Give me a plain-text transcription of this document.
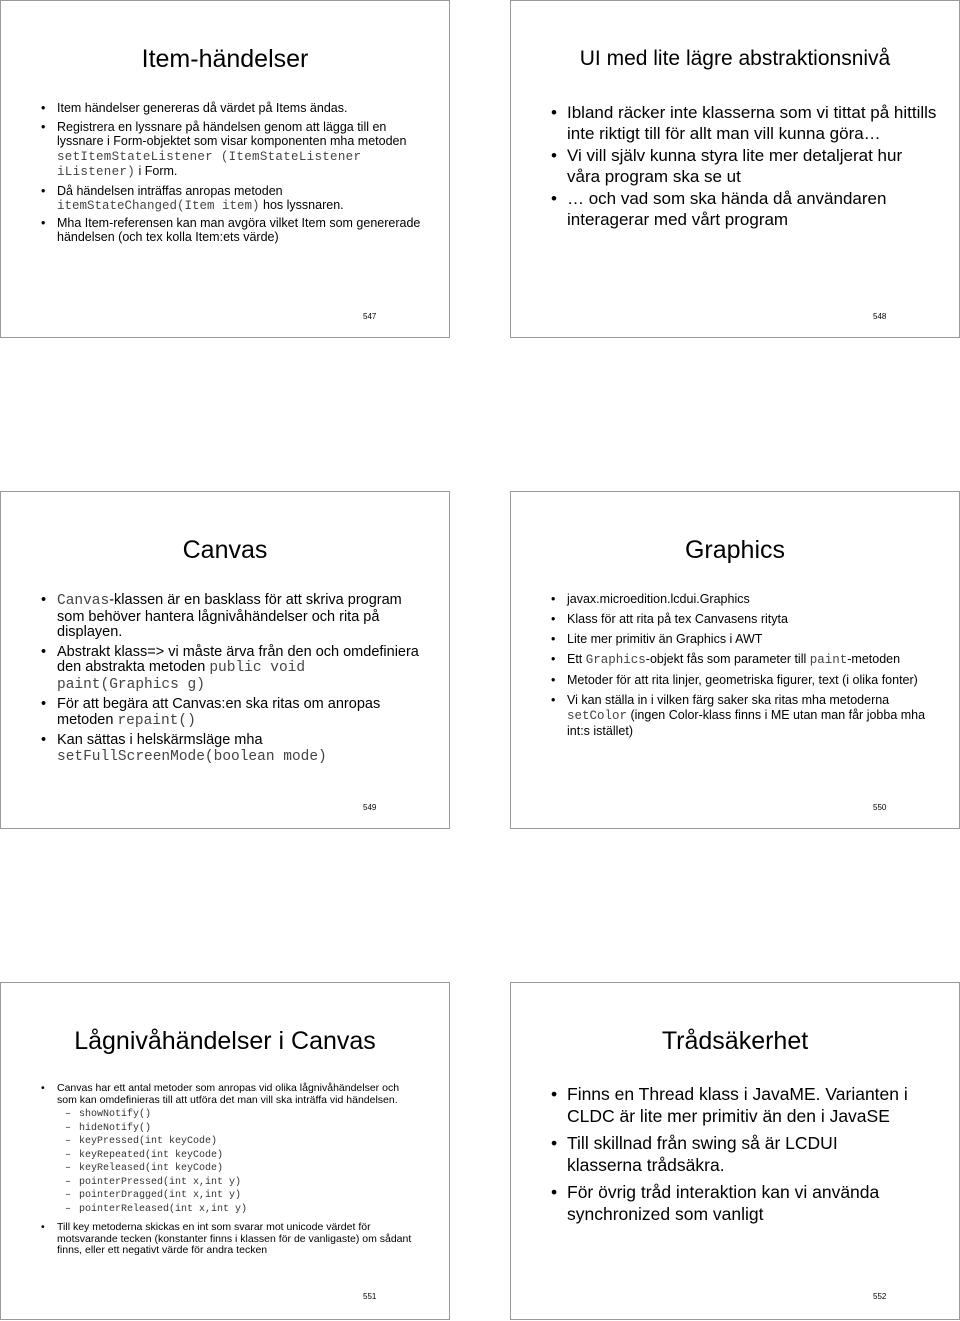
Item-händelser
• Item händelser genereras då värdet på Items ändas.
• Registrera en lyssnare på händelsen genom att lägga till en lyssnare i Form-objektet som visar komponenten mha metoden setItemStateListener (ItemStateListener iListener) i Form.
• Då händelsen inträffas anropas metoden itemStateChanged(Item item) hos lyssnaren.
• Mha Item-referensen kan man avgöra vilket Item som genererade händelsen (och tex kolla Item:ets värde)
547
UI med lite lägre abstraktionsnivå
• Ibland räcker inte klasserna som vi tittat på hittills inte riktigt till för allt man vill kunna göra…
• Vi vill själv kunna styra lite mer detaljerat hur våra program ska se ut
• … och vad som ska hända då användaren interagerar med vårt program
548
Canvas
• Canvas-klassen är en basklass för att skriva program som behöver hantera lågnivåhändelser och rita på displayen.
• Abstrakt klass=> vi måste ärva från den och omdefiniera den abstrakta metoden public void paint(Graphics g)
• För att begära att Canvas:en ska ritas om anropas metoden repaint()
• Kan sättas i helskärmsläge mha setFullScreenMode(boolean mode)
549
Graphics
• javax.microedition.lcdui.Graphics
• Klass för att rita på tex Canvasens rityta
• Lite mer primitiv än Graphics i AWT
• Ett Graphics-objekt fås som parameter till paint-metoden
• Metoder för att rita linjer, geometriska figurer, text (i olika fonter)
• Vi kan ställa in i vilken färg saker ska ritas mha metoderna setColor (ingen Color-klass finns i ME utan man får jobba mha int:s istället)
550
Lågnivåhändelser i Canvas
• Canvas har ett antal metoder som anropas vid olika lågnivåhändelser och som kan omdefinieras till att utföra det man vill ska inträffa vid händelsen.
– showNotify()
– hideNotify()
– keyPressed(int keyCode)
– keyRepeated(int keyCode)
– keyReleased(int keyCode)
– pointerPressed(int x,int y)
– pointerDragged(int x,int y)
– pointerReleased(int x,int y)
• Till key metoderna skickas en int som svarar mot unicode värdet för motsvarande tecken (konstanter finns i klassen för de vanligaste) om sådant finns, eller ett negativt värde för andra tecken
551
Trådsäkerhet
• Finns en Thread klass i JavaME. Varianten i CLDC är lite mer primitiv än den i JavaSE
• Till skillnad från swing så är LCDUI klasserna trådsäkra.
• För övrig tråd interaktion kan vi använda synchronized som vanligt
552
